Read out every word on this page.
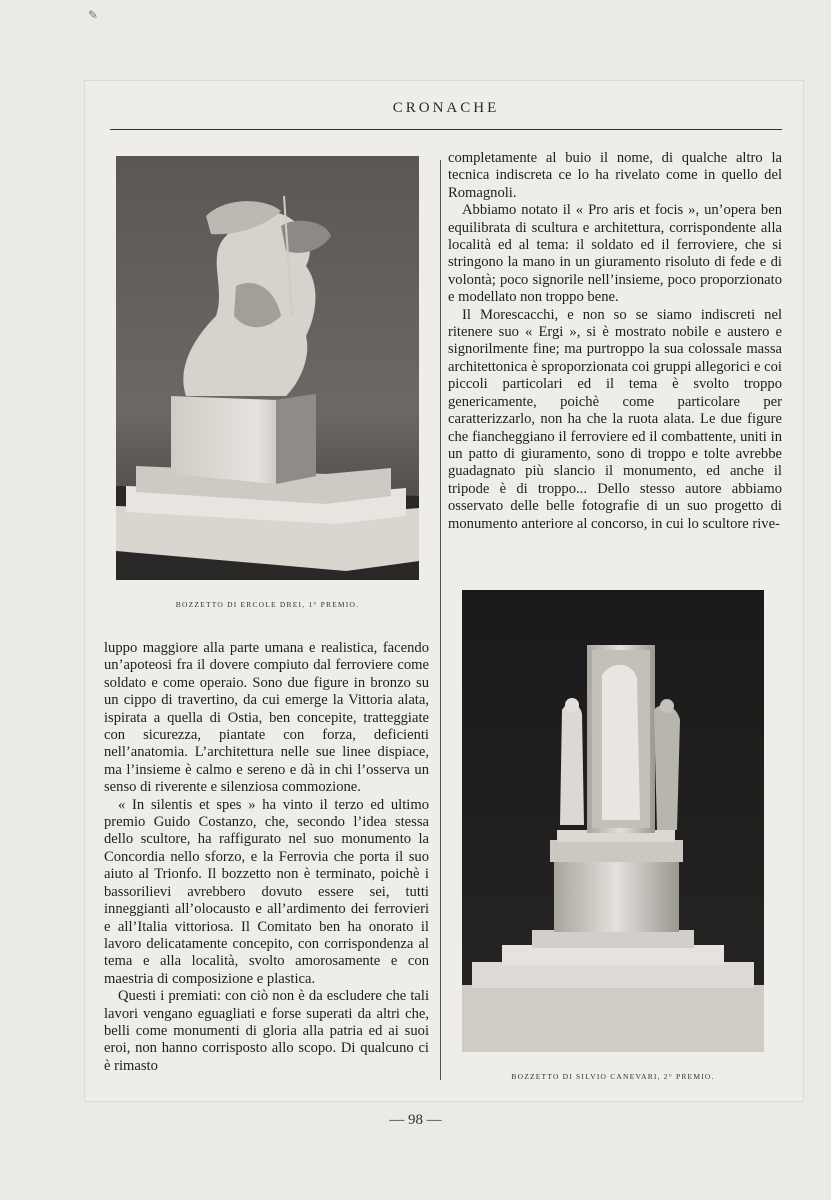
✎
CRONACHE
BOZZETTO DI ERCOLE DREI, 1° PREMIO.

completamente al buio il nome, di qualche altro la tecnica indiscreta ce lo ha rivelato come in quello del Romagnoli.

Abbiamo notato il « Pro aris et focis », un’opera ben equilibrata di scultura e architettura, corrispondente alla località ed al tema: il soldato ed il ferroviere, che si stringono la mano in un giuramento risoluto di fede e di volontà; poco signorile nell’insieme, poco proporzionato e modellato non troppo bene.

Il Morescacchi, e non so se siamo indiscreti nel ritenere suo « Ergi », si è mostrato nobile e austero e signorilmente fine; ma purtroppo la sua colossale massa architettonica è sproporzionata coi gruppi allegorici e coi piccoli particolari ed il tema è svolto troppo genericamente, poichè come particolare per caratterizzarlo, non ha che la ruota alata. Le due figure che fiancheggiano il ferroviere ed il combattente, uniti in un patto di giuramento, sono di troppo e tolte avrebbe guadagnato più slancio il monumento, ed anche il tripode è di troppo... Dello stesso autore abbiamo osservato delle belle fotografie di un suo progetto di monumento anteriore al concorso, in cui lo scultore rive-

luppo maggiore alla parte umana e realistica, facendo un’apoteosi fra il dovere compiuto dal ferroviere come soldato e come operaio. Sono due figure in bronzo su un cippo di travertino, da cui emerge la Vittoria alata, ispirata a quella di Ostia, ben concepite, tratteggiate con sicurezza, piantate con forza, deficienti nell’anatomia. L’architettura nelle sue linee dispiace, ma l’insieme è calmo e sereno e dà in chi l’osserva un senso di riverente e silenziosa commozione.

« In silentis et spes » ha vinto il terzo ed ultimo premio Guido Costanzo, che, secondo l’idea stessa dello scultore, ha raffigurato nel suo monumento la Concordia nello sforzo, e la Ferrovia che porta il suo aiuto al Trionfo. Il bozzetto non è terminato, poichè i bassorilievi avrebbero dovuto essere sei, tutti inneggianti all’olocausto e all’ardimento dei ferrovieri e all’Italia vittoriosa. Il Comitato ben ha onorato il lavoro delicatamente concepito, con corrispondenza al tema e alla località, svolto amorosamente e con maestria di composizione e plastica.

Questi i premiati: con ciò non è da escludere che tali lavori vengano eguagliati e forse superati da altri che, belli come monumenti di gloria alla patria ed ai suoi eroi, non hanno corrisposto allo scopo. Di qualcuno ci è rimasto

BOZZETTO DI SILVIO CANEVARI, 2° PREMIO.
— 98 —
